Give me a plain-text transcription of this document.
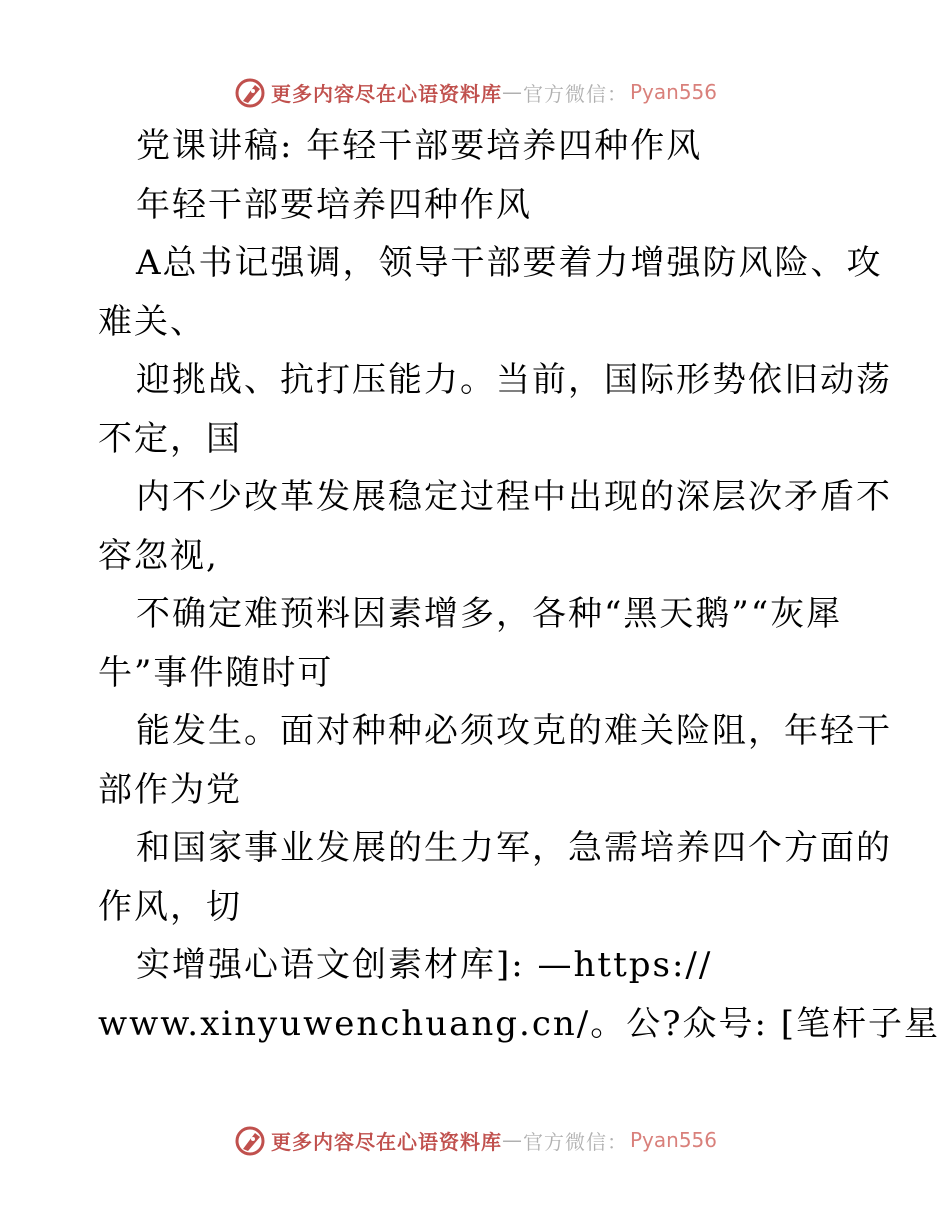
更多内容尽在心语资料库 — 官方微信： Pyan556
党课讲稿: 年轻干部要培养四种作风
年轻干部要培养四种作风
A总书记强调，领导干部要着力增强防风险、攻
难关、
迎挑战、抗打压能力。当前，国际形势依旧动荡
不定，国
内不少改革发展稳定过程中出现的深层次矛盾不
容忽视,
不确定难预料因素增多，各种“黑天鹅”“灰犀
牛”事件随时可
能发生。面对种种必须攻克的难关险阻，年轻干
部作为党
和国家事业发展的生力军，急需培养四个方面的
作风，切
实增强心语文创素材库]: —https://
www.xinyuwenchuang.cn/。公?众号: [笔杆子星
更多内容尽在心语资料库 — 官方微信： Pyan556
